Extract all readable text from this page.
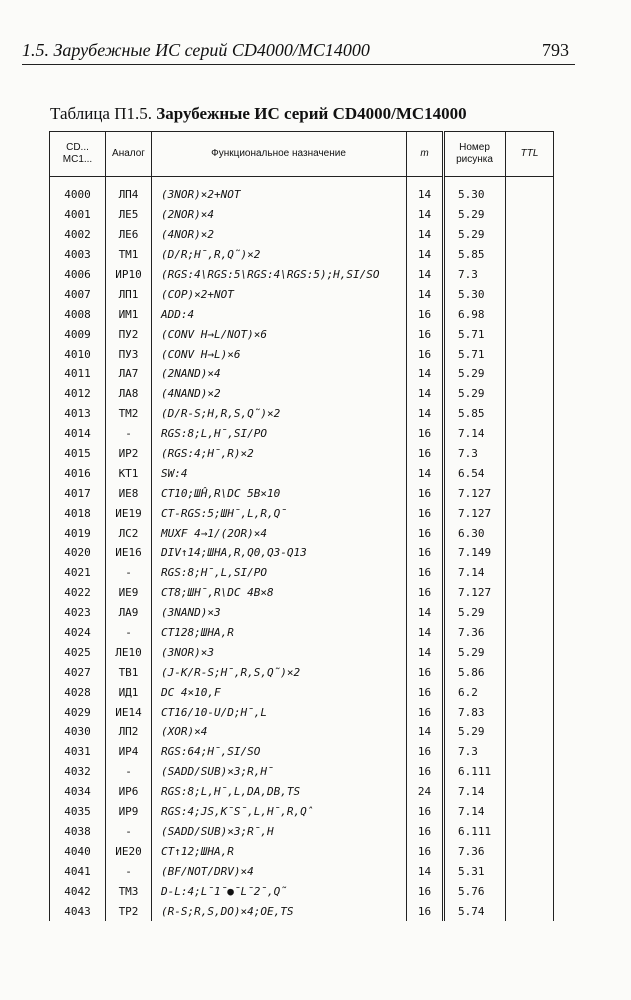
1.5. Зарубежные ИС серий CD4000/MC14000	793
Таблица П1.5. Зарубежные ИС серий CD4000/MC14000
CD... MC1...	Аналог	Функциональное назначение	m	Номер рисунка	TTL
4000	ЛП4	(3NOR)×2+NOT	14	5.30	
4001	ЛЕ5	(2NOR)×4	14	5.29	
4002	ЛЕ6	(4NOR)×2	14	5.29	
4003	ТМ1	(D/R;H̄,R,Q̃)×2	14	5.85	
4006	ИР10	(RGS:4\RGS:5\RGS:4\RGS:5);H,SI/SO	14	7.3	
4007	ЛП1	(COP)×2+NOT	14	5.30	
4008	ИМ1	ADD:4	16	6.98	
4009	ПУ2	(CONV H→L/NOT)×6	16	5.71	
4010	ПУ3	(CONV H→L)×6	16	5.71	
4011	ЛА7	(2NAND)×4	14	5.29	
4012	ЛА8	(4NAND)×2	14	5.29	
4013	ТМ2	(D/R-S;H,R,S,Q̃)×2	14	5.85	
4014	-	RGS:8;L,H̄,SI/PO	16	7.14	
4015	ИР2	(RGS:4;H̄,R)×2	16	7.3	
4016	КТ1	SW:4	14	6.54	
4017	ИЕ8	CT10;ШĤ,R\DC 5В×10	16	7.127	
4018	ИЕ19	CT-RGS:5;ШH̄,L,R,Q̄	16	7.127	
4019	ЛС2	MUXF 4→1/(2OR)×4	16	6.30	
4020	ИЕ16	DIV↑14;ШHA,R,Q0,Q3-Q13	16	7.149	
4021	-	RGS:8;H̄,L,SI/PO	16	7.14	
4022	ИЕ9	CT8;ШH̄,R\DC 4В×8	16	7.127	
4023	ЛА9	(3NAND)×3	14	5.29	
4024	-	CT128;ШHA,R	14	7.36	
4025	ЛЕ10	(3NOR)×3	14	5.29	
4027	ТВ1	(J-K/R-S;H̄,R,S,Q̃)×2	16	5.86	
4028	ИД1	DC 4×10,F	16	6.2	
4029	ИЕ14	CT16/10-U/D;H̄,L	16	7.83	
4030	ЛП2	(XOR)×4	14	5.29	
4031	ИР4	RGS:64;H̄,SI/SO	16	7.3	
4032	-	(SADD/SUB)×3;R,H̄	16	6.111	
4034	ИР6	RGS:8;L,H̄,L,DA,DB,TS	24	7.14	
4035	ИР9	RGS:4;JS,K̄S̄,L,H̄,R,Q̂	16	7.14	
4038	-	(SADD/SUB)×3;R̄,H	16	6.111	
4040	ИЕ20	CT↑12;ШHA,R	16	7.36	
4041	-	(BF/NOT/DRV)×4	14	5.31	
4042	ТМ3	D-L:4;L̄1̄●̄L̄2̄,Q̃	16	5.76	
4043	ТР2	(R-S;R,S,DO)×4;OE,TS	16	5.74	
